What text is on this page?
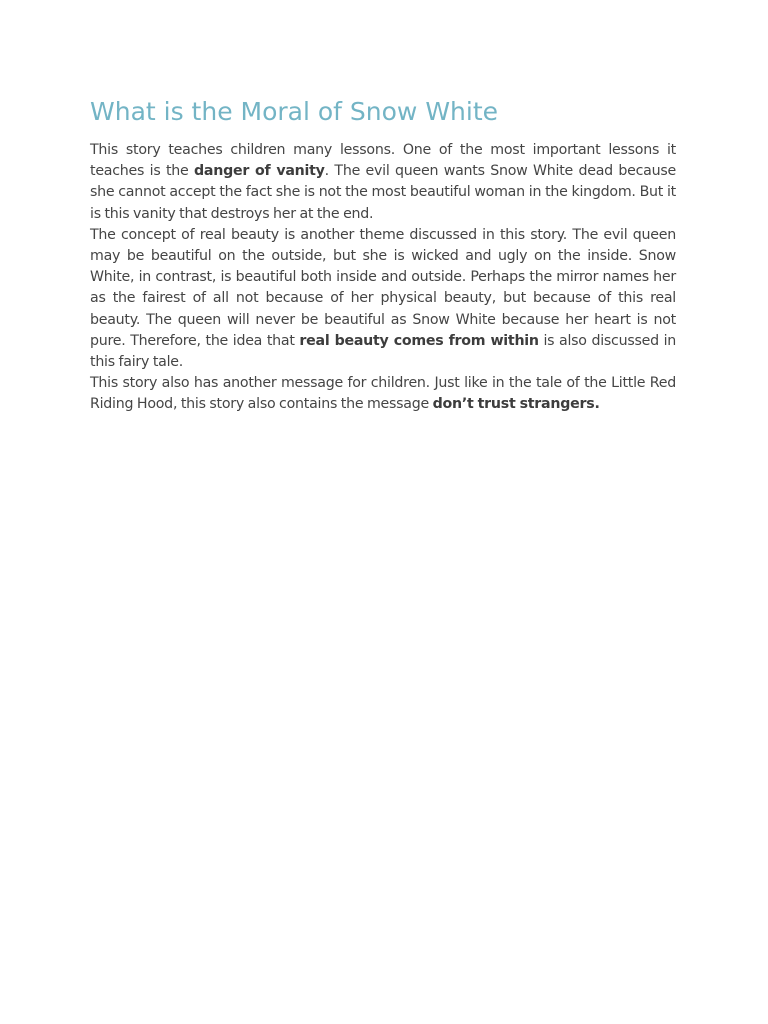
What is the Moral of Snow White

This story teaches children many lessons. One of the most important lessons it teaches is the danger of vanity. The evil queen wants Snow White dead because she cannot accept the fact she is not the most beautiful woman in the kingdom. But it is this vanity that destroys her at the end.

The concept of real beauty is another theme discussed in this story. The evil queen may be beautiful on the outside, but she is wicked and ugly on the inside. Snow White, in contrast, is beautiful both inside and outside. Perhaps the mirror names her as the fairest of all not because of her physical beauty, but because of this real beauty. The queen will never be beautiful as Snow White because her heart is not pure. Therefore, the idea that real beauty comes from within is also discussed in this fairy tale.

This story also has another message for children. Just like in the tale of the Little Red Riding Hood, this story also contains the message don’t trust strangers.
